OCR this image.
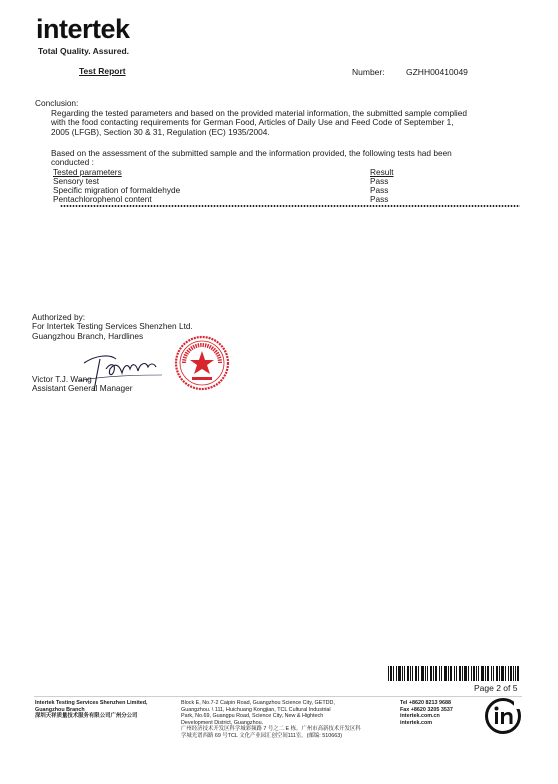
intertek
Total Quality. Assured.
Test Report	Number:	GZHH00410049
Conclusion:
Regarding the tested parameters and based on the provided material information, the submitted sample complied
with the food contacting requirements for German Food, Articles of Daily Use and Feed Code of September 1,
2005 (LFGB), Section 30 & 31, Regulation (EC) 1935/2004.
Based on the assessment of the submitted sample and the information provided, the following tests had been
conducted :
Tested parameters	Result
Sensory test	Pass
Specific migration of formaldehyde	Pass
Pentachlorophenol content	Pass
Authorized by:
For Intertek Testing Services Shenzhen Ltd.
Guangzhou Branch, Hardlines
Victor T.J. Wang
Assistant General Manager
Page 2 of 5
Intertek Testing Services Shenzhen Limited,
Guangzhou Branch
深圳天祥质量技术服务有限公司广州分公司
Block E, No.7-2 Caipin Road, Guangzhou Science City, GETDD,
Guangzhou. \ 111, Huichuang Kongjian, TCL Cultural Industrial
Park, No.69, Guangpu Road, Science City, New & Hightech
Development District, Guangzhou.
广州经济技术开发区科学城彩频路 7 号之二 E 栋。广州市高新技术开发区科
学城光谱西路 69 号TCL 文化产业园汇创空间111室。(邮编: 510663)
Tel +8620 8213 9688
Fax +8620 3205 3537
intertek.com.cn
intertek.com
